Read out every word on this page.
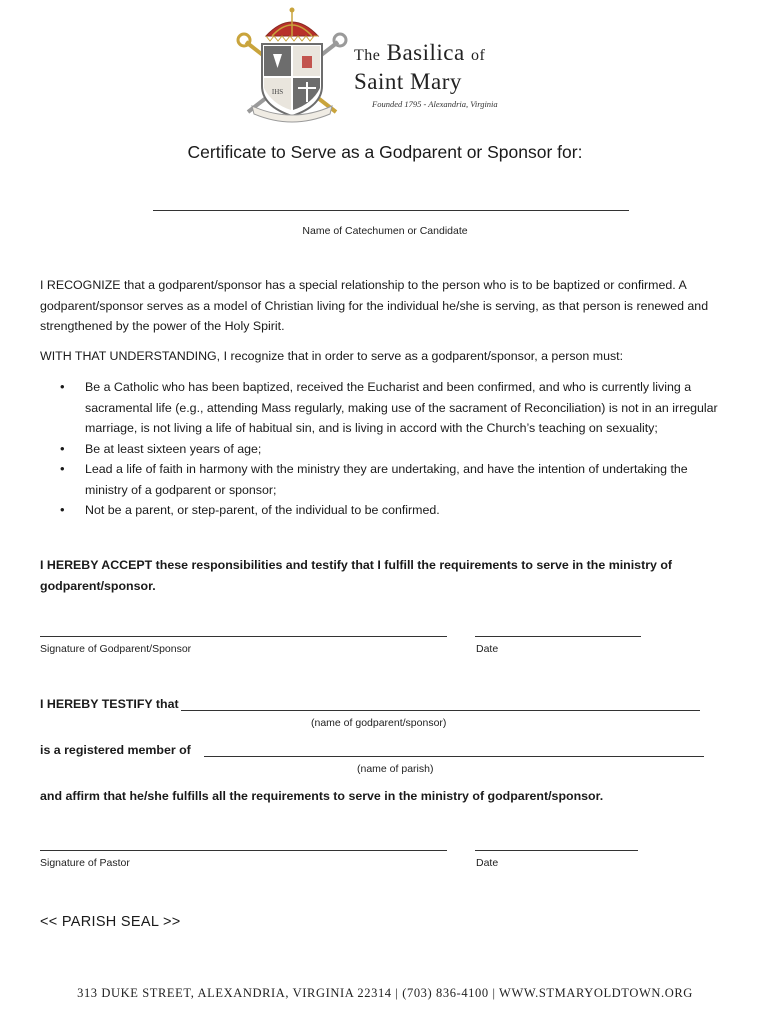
IHS
The Basilica of
Saint Mary
Founded 1795 - Alexandria, Virginia
Certificate to Serve as a Godparent or Sponsor for:
Name of Catechumen or Candidate
I RECOGNIZE that a godparent/sponsor has a special relationship to the person who is to be baptized or confirmed. A godparent/sponsor serves as a model of Christian living for the individual he/she is serving, as that person is renewed and strengthened by the power of the Holy Spirit.
WITH THAT UNDERSTANDING, I recognize that in order to serve as a godparent/sponsor, a person must:
• Be a Catholic who has been baptized, received the Eucharist and been confirmed, and who is currently living a sacramental life (e.g., attending Mass regularly, making use of the sacrament of Reconciliation) is not in an irregular marriage, is not living a life of habitual sin, and is living in accord with the Church’s teaching on sexuality;
• Be at least sixteen years of age;
• Lead a life of faith in harmony with the ministry they are undertaking, and have the intention of undertaking the ministry of a godparent or sponsor;
• Not be a parent, or step-parent, of the individual to be confirmed.
I HEREBY ACCEPT these responsibilities and testify that I fulfill the requirements to serve in the ministry of godparent/sponsor.
Signature of Godparent/Sponsor	Date
I HEREBY TESTIFY that
(name of godparent/sponsor)
is a registered member of
(name of parish)
and affirm that he/she fulfills all the requirements to serve in the ministry of godparent/sponsor.
Signature of Pastor	Date
<< PARISH SEAL >>
313 DUKE STREET, ALEXANDRIA, VIRGINIA 22314 | (703) 836-4100 | WWW.STMARYOLDTOWN.ORG
